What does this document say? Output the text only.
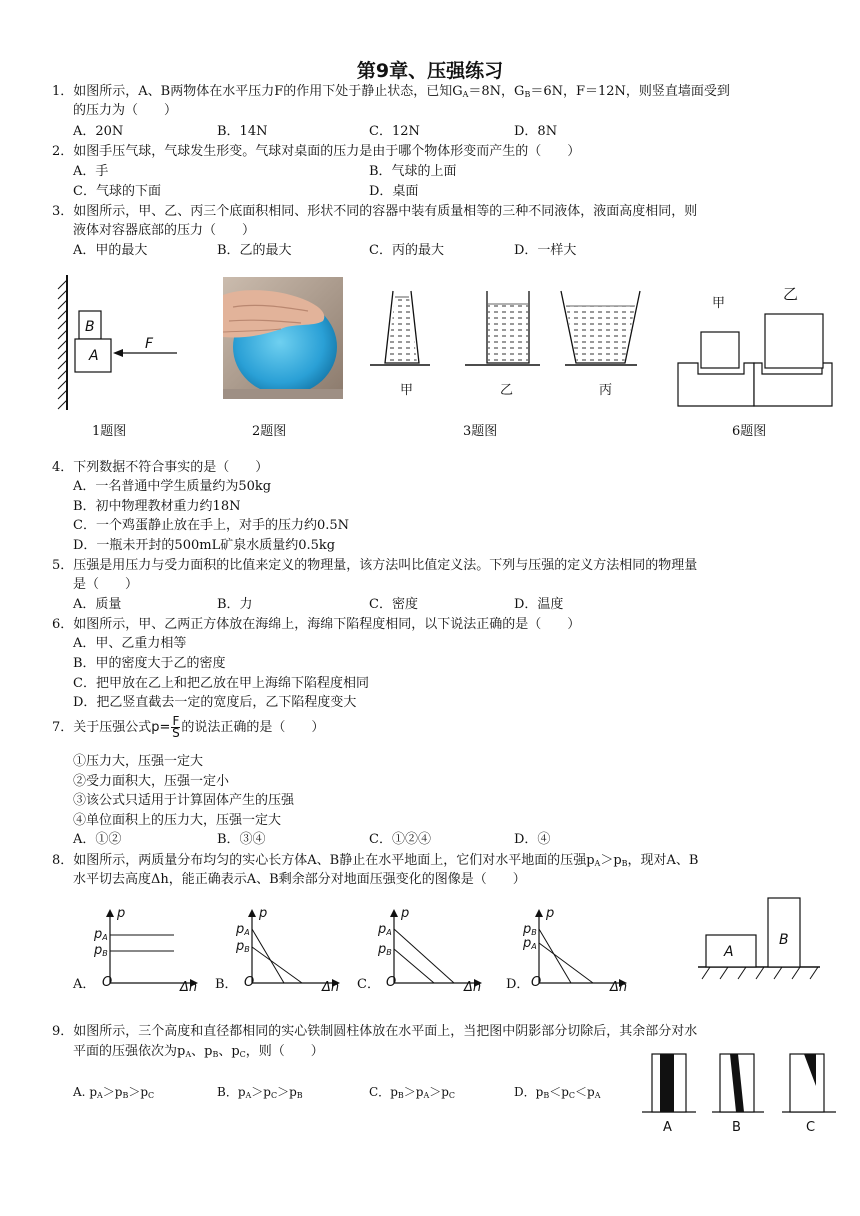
第9章、压强练习
1．如图所示，A、B两物体在水平压力F的作用下处于静止状态，已知$G_A=8N$，$G_B=6N$，F＝12N，则竖直墙面受到
的压力为（　　）
A．20N	B．14N	C．12N	D．8N
2．如图手压气球，气球发生形变。气球对桌面的压力是由于哪个物体形变而产生的（　　）
A．手	B．气球的上面
C．气球的下面	D．桌面
3．如图所示，甲、乙、丙三个底面积相同、形状不同的容器中装有质量相等的三种不同液体，液面高度相同，则
液体对容器底部的压力（　　）
A．甲的最大	B．乙的最大	C．丙的最大	D．一样大
B
A
F
1题图	2题图
甲	乙	丙
3题图
甲
乙
6题图
4．下列数据不符合事实的是（　　）
A．一名普通中学生质量约为50kg
B．初中物理教材重力约18N
C．一个鸡蛋静止放在手上，对手的压力约0.5N
D．一瓶未开封的500mL矿泉水质量约0.5kg
5．压强是用压力与受力面积的比值来定义的物理量，该方法叫比值定义法。下列与压强的定义方法相同的物理量
是（　　）
A．质量	B．力	C．密度	D．温度
6．如图所示，甲、乙两正方体放在海绵上，海绵下陷程度相同，以下说法正确的是（　　）
A．甲、乙重力相等
B．甲的密度大于乙的密度
C．把甲放在乙上和把乙放在甲上海绵下陷程度相同
D．把乙竖直截去一定的宽度后，乙下陷程度变大
7．关于压强公式$p= \frac{F}{S}$ 的说法正确的是（　　）
①压力大，压强一定大
②受力面积大，压强一定小
③该公式只适用于计算固体产生的压强
④单位面积上的压力大，压强一定大
A．①②	B．③④	C．①②④	D．④
8．如图所示，两质量分布均匀的实心长方体A、B静止在水平地面上，它们对水平地面的压强$p_A>p_B$，现对A、B
水平切去高度Δh，能正确表示A、B剩余部分对地面压强变化的图像是（　　）
A．	B．	C．	D．
p
$p_A$
$p_B$
O	Δh
p
$p_A$
$p_B$
O	Δh
p
$p_A$
$p_B$
O	Δh
p
$p_B$
$p_A$
O	Δh
A
B
9．如图所示，三个高度和直径都相同的实心铁制圆柱体放在水平面上，当把图中阴影部分切除后，其余部分对水
平面的压强依次为$p_A$、$p_B$、$p_C$，则（　　）
A. $p_A>p_B>p_C$	B．$p_A>p_C>p_B$	C．$p_B>p_A>p_C$	D．$p_B<p_C<p_A$
A	B	C
